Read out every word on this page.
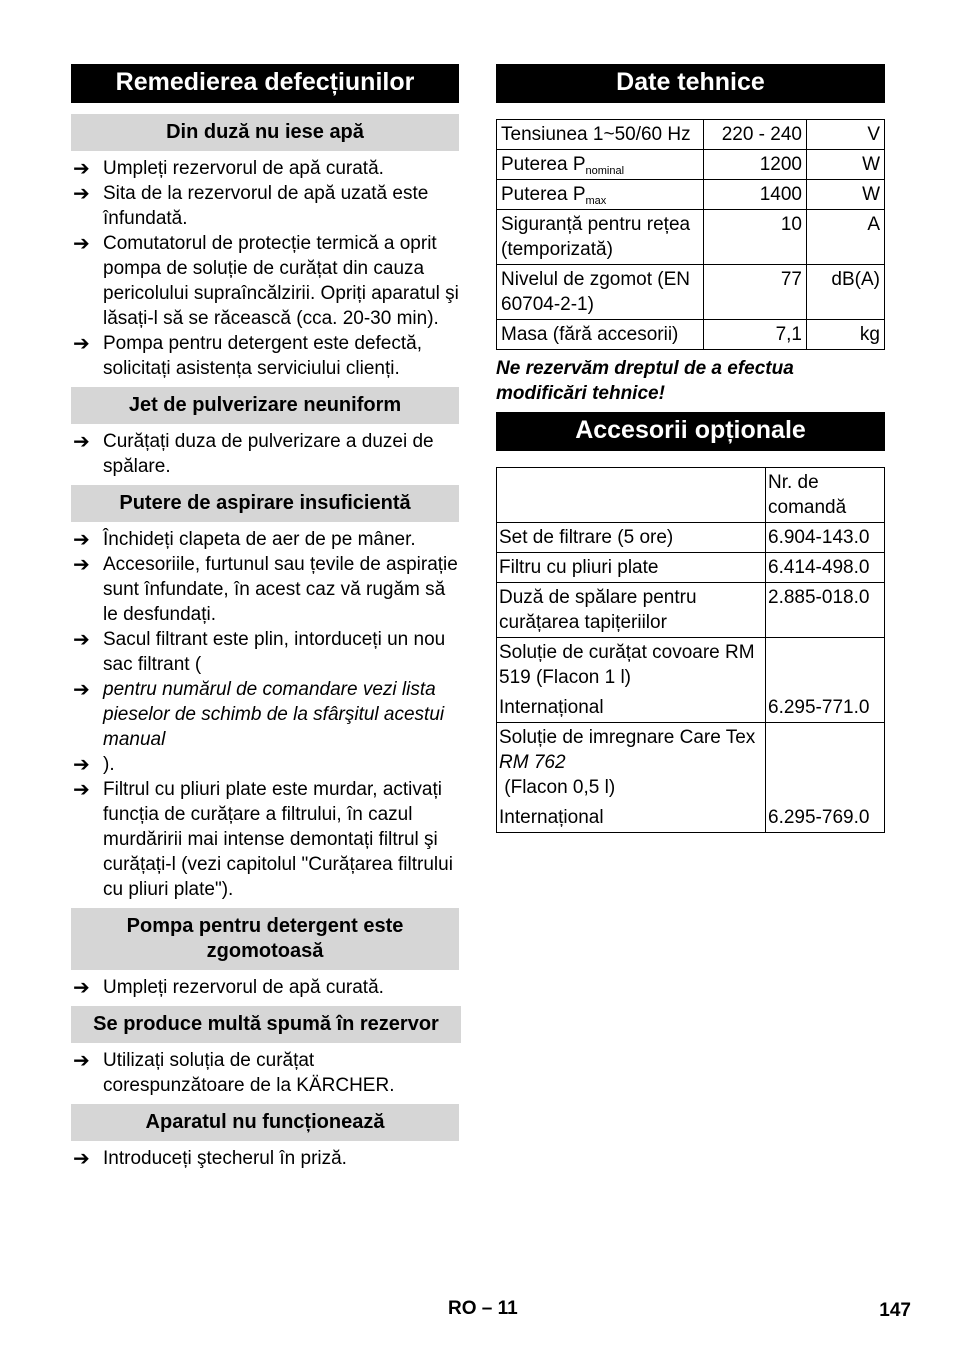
Remedierea defecțiunilor
Din duză nu iese apă
➔ Umpleți rezervorul de apă curată.
➔ Sita de la rezervorul de apă uzată este înfundată.
➔ Comutatorul de protecție termică a oprit pompa de soluție de curățat din cauza pericolului supraîncălzirii. Opriți aparatul şi lăsați-l să se răcească (cca. 20-30 min).
➔ Pompa pentru detergent este defectă, solicitați asistența serviciului clienți.
Jet de pulverizare neuniform
➔ Curățați duza de pulverizare a duzei de spălare.
Putere de aspirare insuficientă
➔ Închideți clapeta de aer de pe mâner.
➔ Accesoriile, furtunul sau țevile de aspirație sunt înfundate, în acest caz vă rugăm să le desfundați.
➔ Sacul filtrant este plin, intorduceți un nou sac filtrant (
➔ pentru numărul de comandare vezi lista pieselor de schimb de la sfârşitul acestui manual
➔ ).
➔ Filtrul cu pliuri plate este murdar, activați funcția de curățare a filtrului, în cazul murdăririi mai intense demontați filtrul şi curățați-l (vezi capitolul "Curățarea filtrului cu pliuri plate").
Pompa pentru detergent este zgomotoasă
➔ Umpleți rezervorul de apă curată.
Se produce multă spumă în rezervor
➔ Utilizați soluția de curățat corespunzătoare de la KÄRCHER.
Aparatul nu funcționează
➔ Introduceți ştecherul în priză.
Date tehnice
Tensiunea 1~50/60 Hz	220 - 240	V
Puterea $P_{nominal}$	1200	W
Puterea $P_{max}$	1400	W
Siguranță pentru rețea (temporizată)	10	A
Nivelul de zgomot (EN 60704-2-1)	77	dB(A)
Masa (fără accesorii)	7,1	kg
Ne rezervăm dreptul de a efectua modificări tehnice!
Accesorii opționale
	Nr. de comandă
Set de filtrare (5 ore)	6.904-143.0
Filtru cu pliuri plate	6.414-498.0
Duză de spălare pentru curățarea tapițeriilor	2.885-018.0

Soluție de curățat covoare RM 519 (Flacon 1 l)
Internațional	6.295-771.0

Soluție de imregnare Care Tex
RM 762
(Flacon 0,5 l)
Internațional	6.295-769.0
RO – 11	147
